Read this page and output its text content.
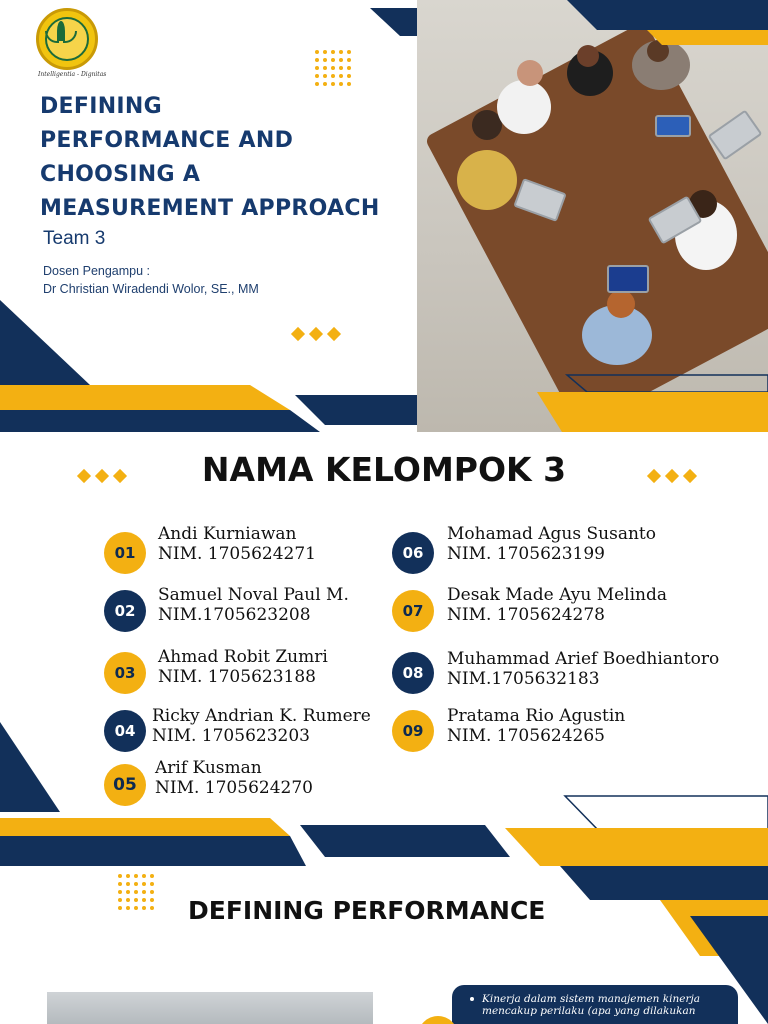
Intelligentia - Dignitas
DEFINING
PERFORMANCE AND
CHOOSING A
MEASUREMENT APPROACH
Team 3
Dosen Pengampu :
Dr Christian Wiradendi Wolor, SE., MM
NAMA KELOMPOK 3
01
Andi Kurniawan
NIM. 1705624271
02
Samuel Noval Paul M.
NIM.1705623208
03
Ahmad Robit Zumri
NIM. 1705623188
04
Ricky Andrian K. Rumere
NIM. 1705623203
05
Arif Kusman
NIM. 1705624270
06
Mohamad Agus Susanto
NIM. 1705623199
07
Desak Made Ayu Melinda
NIM. 1705624278
08
Muhammad Arief Boedhiantoro
NIM.1705632183
09
Pratama Rio Agustin
NIM. 1705624265
DEFINING PERFORMANCE
Kinerja dalam sistem manajemen kinerja
mencakup perilaku (apa yang dilakukan
